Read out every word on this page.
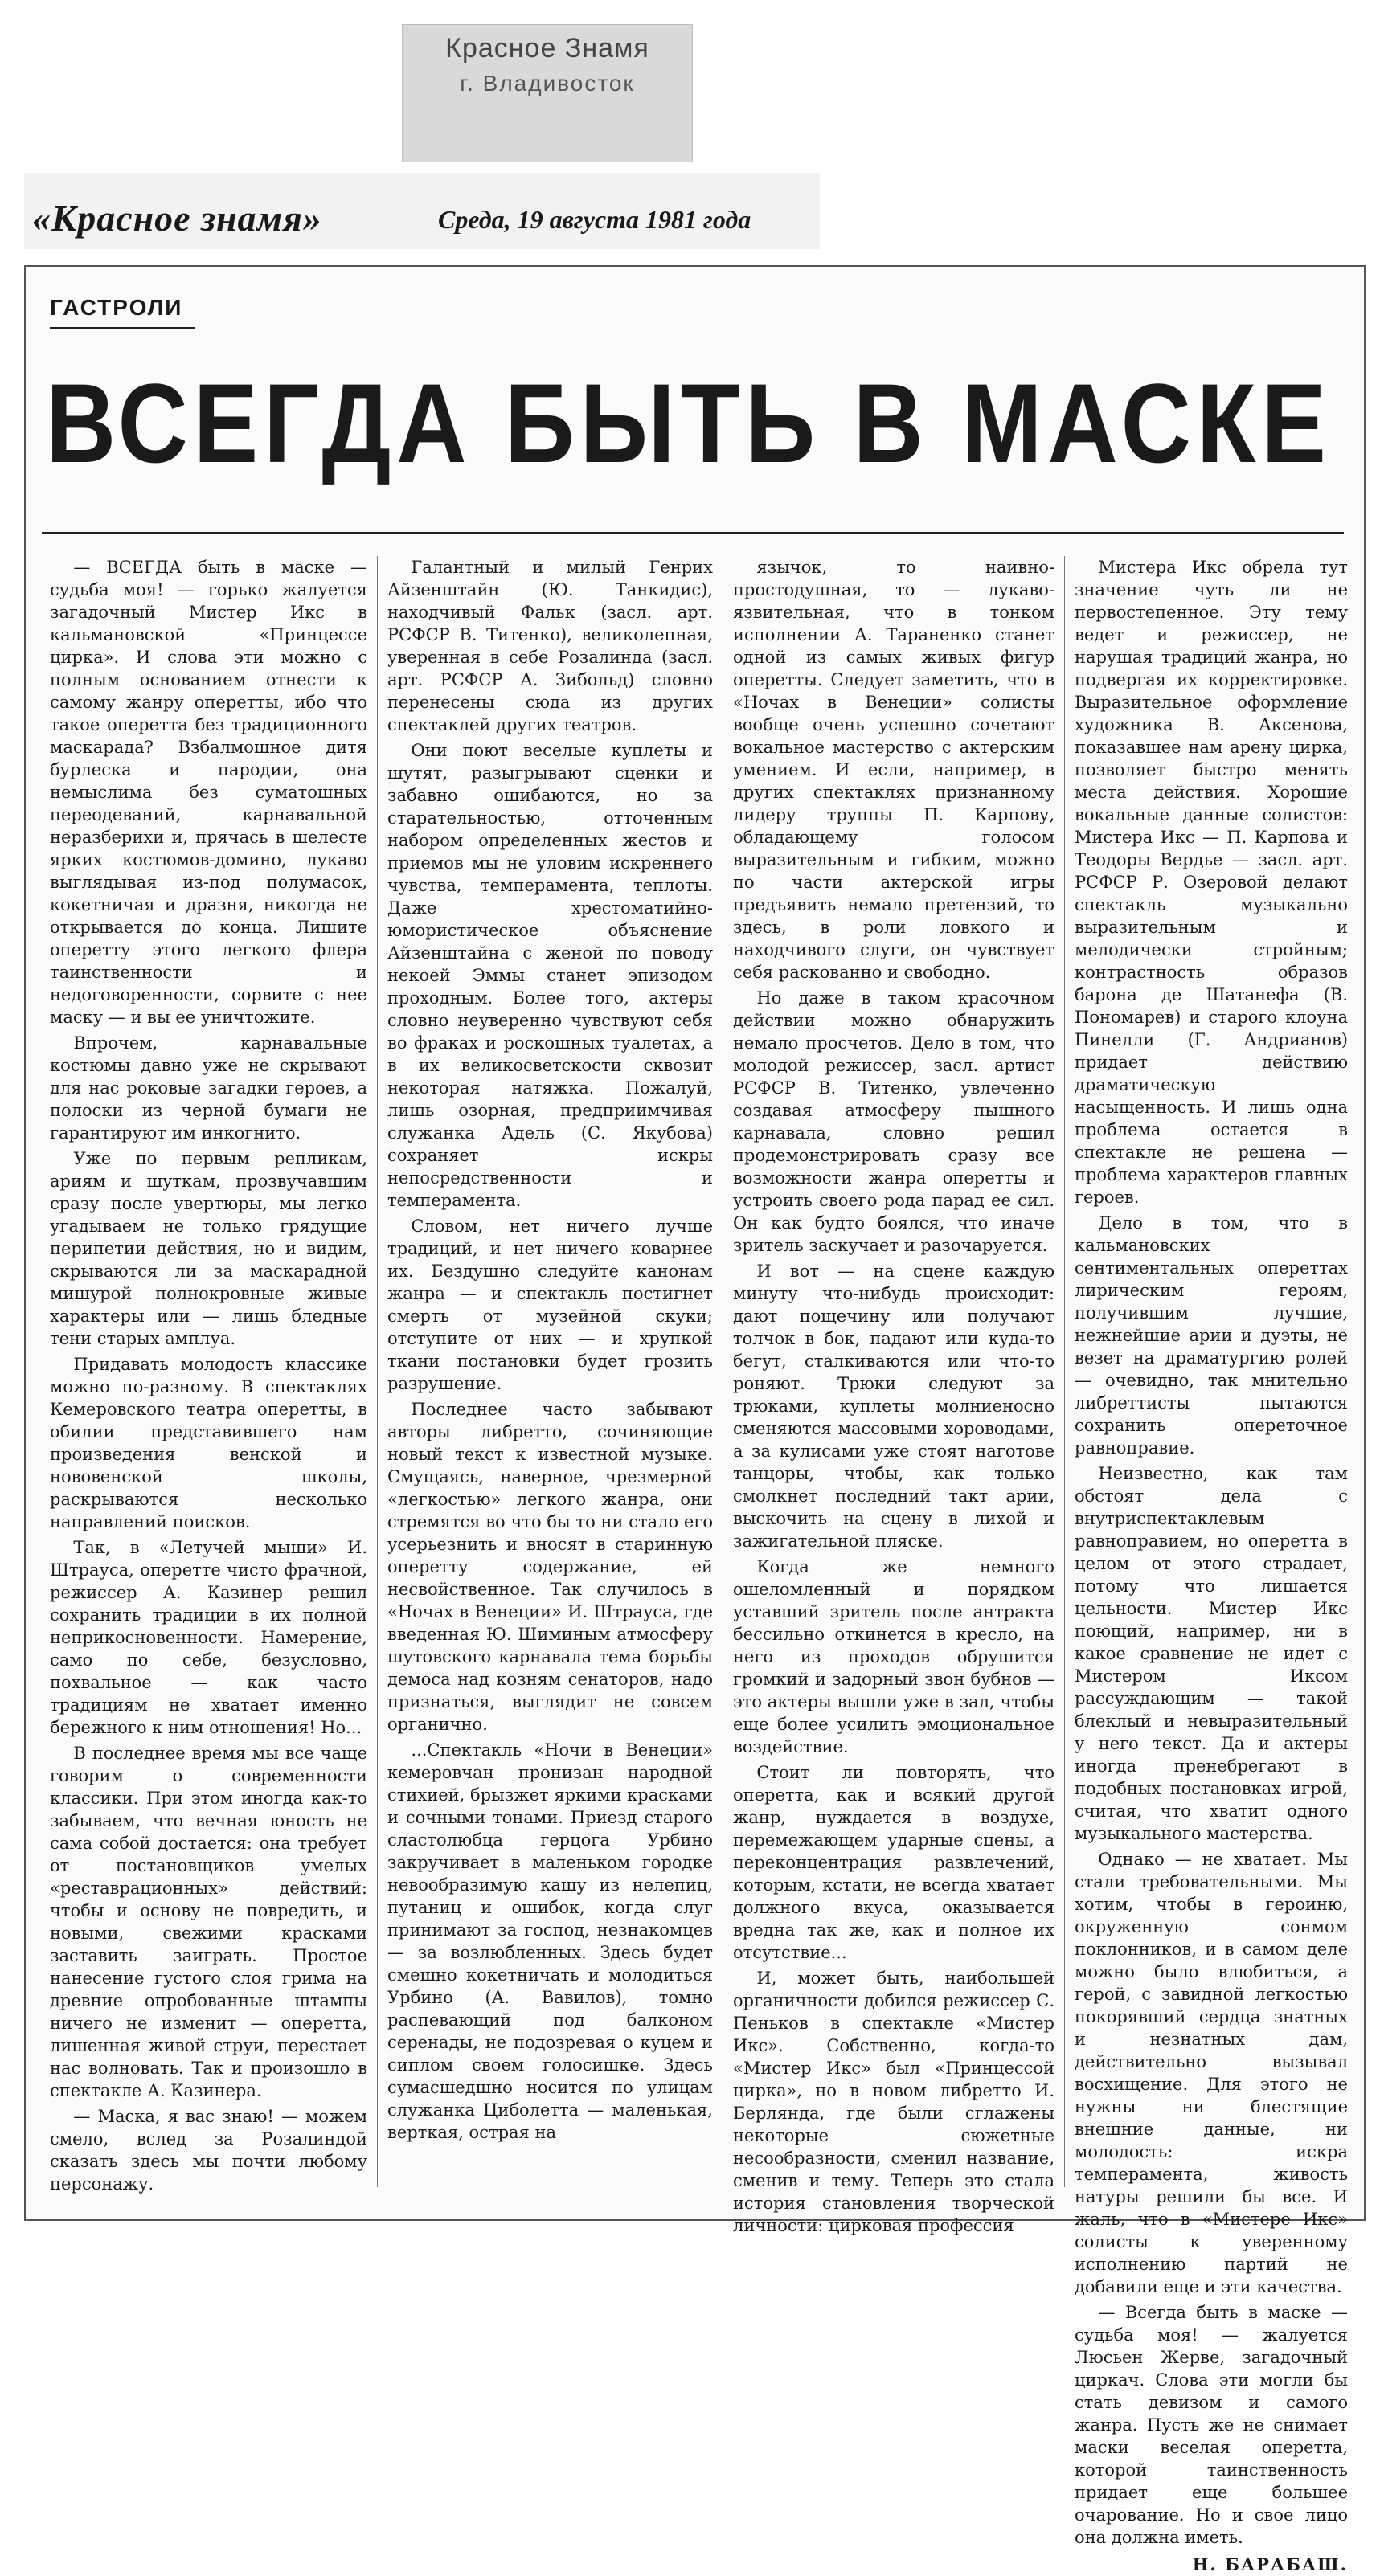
Красное Знамя
г. Владивосток
«Красное знамя»	Среда, 19 августа 1981 года
ГАСТРОЛИ
ВСЕГДА БЫТЬ В МАСКЕ

— ВСЕГДА быть в маске — судьба моя! — горько жалуется загадочный Мистер Икс в кальмановской «Принцессе цирка». И слова эти можно с полным основанием отнести к самому жанру оперетты, ибо что такое оперетта без традиционного маскарада? Взбалмошное дитя бурлеска и пародии, она немыслима без суматошных переодеваний, карнавальной неразберихи и, прячась в шелесте ярких костюмов-домино, лукаво выглядывая из-под полумасок, кокетничая и дразня, никогда не открывается до конца. Лишите оперетту этого легкого флера таинственности и недоговоренности, сорвите с нее маску — и вы ее уничтожите.

Впрочем, карнавальные костюмы давно уже не скрывают для нас роковые загадки героев, а полоски из черной бумаги не гарантируют им инкогнито.

Уже по первым репликам, ариям и шуткам, прозвучавшим сразу после увертюры, мы легко угадываем не только грядущие перипетии действия, но и видим, скрываются ли за маскарадной мишурой полнокровные живые характеры или — лишь бледные тени старых амплуа.

Придавать молодость классике можно по-разному. В спектаклях Кемеровского театра оперетты, в обилии представившего нам произведения венской и нововенской школы, раскрываются несколько направлений поисков.

Так, в «Летучей мыши» И. Штрауса, оперетте чисто фрачной, режиссер А. Казинер решил сохранить традиции в их полной неприкосновенности. Намерение, само по себе, безусловно, похвальное — как часто традициям не хватает именно бережного к ним отношения! Но...

В последнее время мы все чаще говорим о современности классики. При этом иногда как-то забываем, что вечная юность не сама собой достается: она требует от постановщиков умелых «реставрационных» действий: чтобы и основу не повредить, и новыми, свежими красками заставить заиграть. Простое нанесение густого слоя грима на древние опробованные штампы ничего не изменит — оперетта, лишенная живой струи, перестает нас волновать. Так и произошло в спектакле А. Казинера.

— Маска, я вас знаю! — можем смело, вслед за Розалиндой сказать здесь мы почти любому персонажу.

Галантный и милый Генрих Айзенштайн (Ю. Танкидис), находчивый Фальк (засл. арт. РСФСР В. Титенко), великолепная, уверенная в себе Розалинда (засл. арт. РСФСР А. Зибольд) словно перенесены сюда из других спектаклей других театров.

Они поют веселые куплеты и шутят, разыгрывают сценки и забавно ошибаются, но за старательностью, отточенным набором определенных жестов и приемов мы не уловим искреннего чувства, темперамента, теплоты. Даже хрестоматийно-юмористическое объяснение Айзенштайна с женой по поводу некоей Эммы станет эпизодом проходным. Более того, актеры словно неуверенно чувствуют себя во фраках и роскошных туалетах, а в их великосветскости сквозит некоторая натяжка. Пожалуй, лишь озорная, предприимчивая служанка Адель (С. Якубова) сохраняет искры непосредственности и темперамента.

Словом, нет ничего лучше традиций, и нет ничего коварнее их. Бездушно следуйте канонам жанра — и спектакль постигнет смерть от музейной скуки; отступите от них — и хрупкой ткани постановки будет грозить разрушение.

Последнее часто забывают авторы либретто, сочиняющие новый текст к известной музыке. Смущаясь, наверное, чрезмерной «легкостью» легкого жанра, они стремятся во что бы то ни стало его усерьезнить и вносят в старинную оперетту содержание, ей несвойственное. Так случилось в «Ночах в Венеции» И. Штрауса, где введенная Ю. Шиминым атмосферу шутовского карнавала тема борьбы демоса над козням сенаторов, надо признаться, выглядит не совсем органично.

...Спектакль «Ночи в Венеции» кемеровчан пронизан народной стихией, брызжет яркими красками и сочными тонами. Приезд старого сластолюбца герцога Урбино закручивает в маленьком городке невообразимую кашу из нелепиц, путаниц и ошибок, когда слуг принимают за господ, незнакомцев — за возлюбленных. Здесь будет смешно кокетничать и молодиться Урбино (А. Вавилов), томно распевающий под балконом серенады, не подозревая о куцем и сиплом своем голосишке. Здесь сумасшедшно носится по улицам служанка Циболетта — маленькая, верткая, острая на

язычок, то наивно-простодушная, то — лукаво-язвительная, что в тонком исполнении А. Тараненко станет одной из самых живых фигур оперетты. Следует заметить, что в «Ночах в Венеции» солисты вообще очень успешно сочетают вокальное мастерство с актерским умением. И если, например, в других спектаклях признанному лидеру труппы П. Карпову, обладающему голосом выразительным и гибким, можно по части актерской игры предъявить немало претензий, то здесь, в роли ловкого и находчивого слуги, он чувствует себя раскованно и свободно.

Но даже в таком красочном действии можно обнаружить немало просчетов. Дело в том, что молодой режиссер, засл. артист РСФСР В. Титенко, увлеченно создавая атмосферу пышного карнавала, словно решил продемонстрировать сразу все возможности жанра оперетты и устроить своего рода парад ее сил. Он как будто боялся, что иначе зритель заскучает и разочаруется.

И вот — на сцене каждую минуту что-нибудь происходит: дают пощечину или получают толчок в бок, падают или куда-то бегут, сталкиваются или что-то роняют. Трюки следуют за трюками, куплеты молниеносно сменяются массовыми хороводами, а за кулисами уже стоят наготове танцоры, чтобы, как только смолкнет последний такт арии, выскочить на сцену в лихой и зажигательной пляске.

Когда же немного ошеломленный и порядком уставший зритель после антракта бессильно откинется в кресло, на него из проходов обрушится громкий и задорный звон бубнов — это актеры вышли уже в зал, чтобы еще более усилить эмоциональное воздействие.

Стоит ли повторять, что оперетта, как и всякий другой жанр, нуждается в воздухе, перемежающем ударные сцены, а переконцентрация развлечений, которым, кстати, не всегда хватает должного вкуса, оказывается вредна так же, как и полное их отсутствие...

И, может быть, наибольшей органичности добился режиссер С. Пеньков в спектакле «Мистер Икс». Собственно, когда-то «Мистер Икс» был «Принцессой цирка», но в новом либретто И. Берлянда, где были сглажены некоторые сюжетные несообразности, сменил название, сменив и тему. Теперь это стала история становления творческой личности: цирковая профессия

Мистера Икс обрела тут значение чуть ли не первостепенное. Эту тему ведет и режиссер, не нарушая традиций жанра, но подвергая их корректировке. Выразительное оформление художника В. Аксенова, показавшее нам арену цирка, позволяет быстро менять места действия. Хорошие вокальные данные солистов: Мистера Икс — П. Карпова и Теодоры Вердье — засл. арт. РСФСР Р. Озеровой делают спектакль музыкально выразительным и мелодически стройным; контрастность образов барона де Шатанефа (В. Пономарев) и старого клоуна Пинелли (Г. Андрианов) придает действию драматическую насыщенность. И лишь одна проблема остается в спектакле не решена — проблема характеров главных героев.

Дело в том, что в кальмановских сентиментальных опереттах лирическим героям, получившим лучшие, нежнейшие арии и дуэты, не везет на драматургию ролей — очевидно, так мнительно либреттисты пытаются сохранить опереточное равноправие.

Неизвестно, как там обстоят дела с внутриспектаклевым равноправием, но оперетта в целом от этого страдает, потому что лишается цельности. Мистер Икс поющий, например, ни в какое сравнение не идет с Мистером Иксом рассуждающим — такой блеклый и невыразительный у него текст. Да и актеры иногда пренебрегают в подобных постановках игрой, считая, что хватит одного музыкального мастерства.

Однако — не хватает. Мы стали требовательными. Мы хотим, чтобы в героиню, окруженную сонмом поклонников, и в самом деле можно было влюбиться, а герой, с завидной легкостью покорявший сердца знатных и незнатных дам, действительно вызывал восхищение. Для этого не нужны ни блестящие внешние данные, ни молодость: искра темперамента, живость натуры решили бы все. И жаль, что в «Мистере Икс» солисты к уверенному исполнению партий не добавили еще и эти качества.

— Всегда быть в маске — судьба моя! — жалуется Люсьен Жерве, загадочный циркач. Слова эти могли бы стать девизом и самого жанра. Пусть же не снимает маски веселая оперетта, которой таинственность придает еще большее очарование. Но и свое лицо она должна иметь.

Н. БАРАБАШ.
